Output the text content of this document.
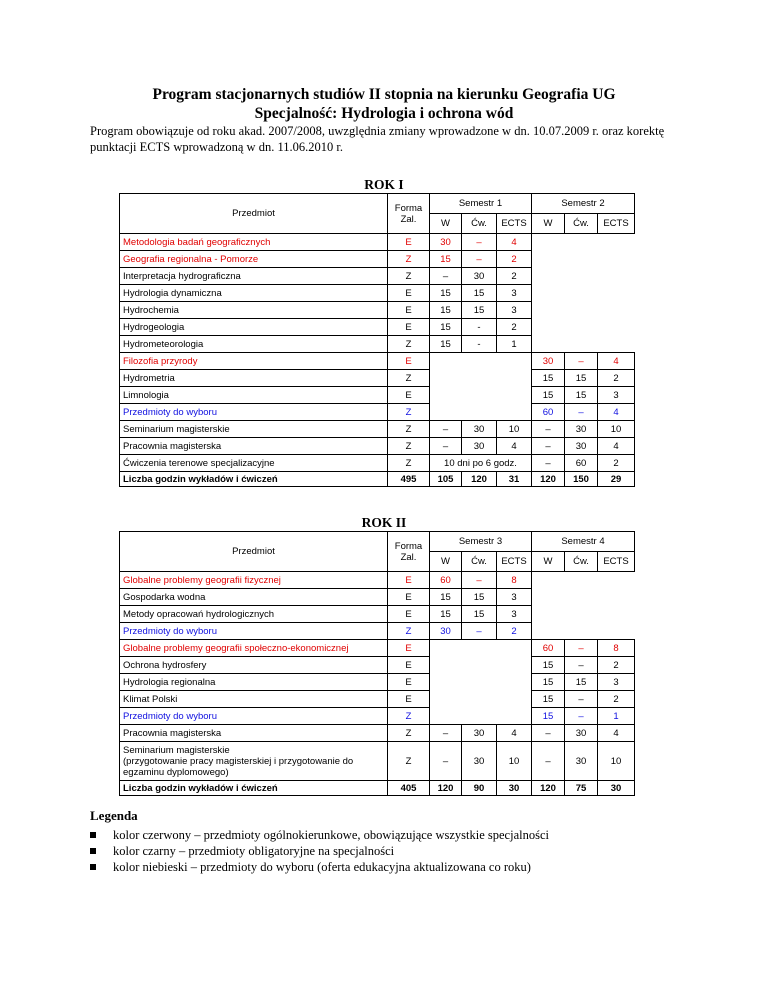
Program stacjonarnych studiów II stopnia na kierunku Geografia UG
Specjalność: Hydrologia i ochrona wód
Program obowiązuje od roku akad. 2007/2008, uwzględnia zmiany wprowadzone w dn. 10.07.2009 r. oraz korektę punktacji ECTS wprowadzoną w dn. 11.06.2010 r.
ROK I
Przedmiot	Forma Zal.	Semestr 1			Semestr 2		
		W	Ćw.	ECTS	W	Ćw.	ECTS
Metodologia badań geograficznych	E	30	–	4			
Geografia regionalna - Pomorze	Z	15	–	2			
Interpretacja hydrograficzna	Z	–	30	2			
Hydrologia dynamiczna	E	15	15	3			
Hydrochemia	E	15	15	3			
Hydrogeologia	E	15	-	2			
Hydrometeorologia	Z	15	-	1			
Filozofia przyrody	E				30	–	4
Hydrometria	Z				15	15	2
Limnologia	E				15	15	3
Przedmioty do wyboru	Z				60	–	4
Seminarium magisterskie	Z	–	30	10	–	30	10
Pracownia magisterska	Z	–	30	4	–	30	4
Ćwiczenia terenowe specjalizacyjne	Z	10 dni po 6 godz.			–	60	2
Liczba godzin wykładów i ćwiczeń	495	105	120	31	120	150	29
ROK II
Przedmiot	Forma Zal.	Semestr 3			Semestr 4		
		W	Ćw.	ECTS	W	Ćw.	ECTS
Globalne problemy geografii fizycznej	E	60	–	8			
Gospodarka wodna	E	15	15	3			
Metody opracowań hydrologicznych	E	15	15	3			
Przedmioty do wyboru	Z	30	–	2			
Globalne problemy geografii społeczno-ekonomicznej	E				60	–	8
Ochrona hydrosfery	E				15	–	2
Hydrologia regionalna	E				15	15	3
Klimat Polski	E				15	–	2
Przedmioty do wyboru	Z				15	–	1
Pracownia magisterska	Z	–	30	4	–	30	4
Seminarium magisterskie
(przygotowanie pracy magisterskiej i przygotowanie do egzaminu dyplomowego)	Z	–	30	10	–	30	10
Liczba godzin wykładów i ćwiczeń	405	120	90	30	120	75	30
Legenda
kolor czerwony – przedmioty ogólnokierunkowe, obowiązujące wszystkie specjalności
kolor czarny – przedmioty obligatoryjne na specjalności
kolor niebieski – przedmioty do wyboru (oferta edukacyjna aktualizowana co roku)
